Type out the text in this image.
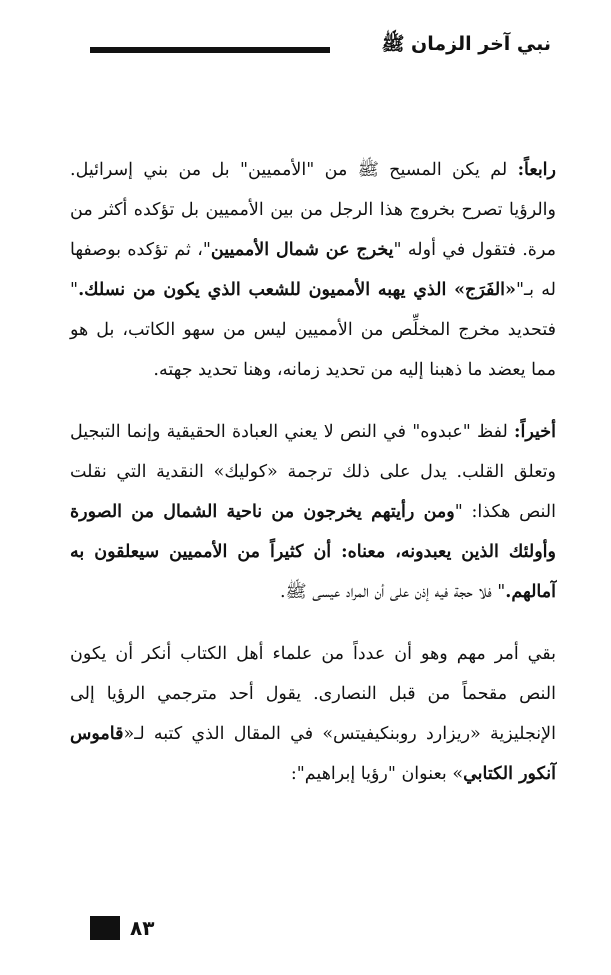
نبي آخر الزمان ﷺ

رابعاً: لم يكن المسيح ﷺ من "الأمميين" بل من بني إسرائيل. والرؤيا تصرح بخروج هذا الرجل من بين الأمميين بل تؤكده أكثر من مرة. فتقول في أوله "يخرج عن شمال الأمميين"، ثم تؤكده بوصفها له بـ"«الفَرَج» الذي يهبه الأمميون للشعب الذي يكون من نسلك." فتحديد مخرج المخلِّص من الأمميين ليس من سهو الكاتب، بل هو مما يعضد ما ذهبنا إليه من تحديد زمانه، وهنا تحديد جهته.

أخيراً: لفظ "عبدوه" في النص لا يعني العبادة الحقيقية وإنما التبجيل وتعلق القلب. يدل على ذلك ترجمة «كوليك» النقدية التي نقلت النص هكذا: "ومن رأيتهم يخرجون من ناحية الشمال من الصورة وأولئك الذين يعبدونه، معناه: أن كثيراً من الأمميين سيعلقون به آمالهم." فلا حجة فيه إذن على أن المراد عيسى ﷺ.

بقي أمر مهم وهو أن عدداً من علماء أهل الكتاب أنكر أن يكون النص مقحماً من قبل النصارى. يقول أحد مترجمي الرؤيا إلى الإنجليزية «ريزارد روبنكيفيتس» في المقال الذي كتبه لـ«قاموس آنكور الكتابي» بعنوان "رؤيا إبراهيم":

٨٣
